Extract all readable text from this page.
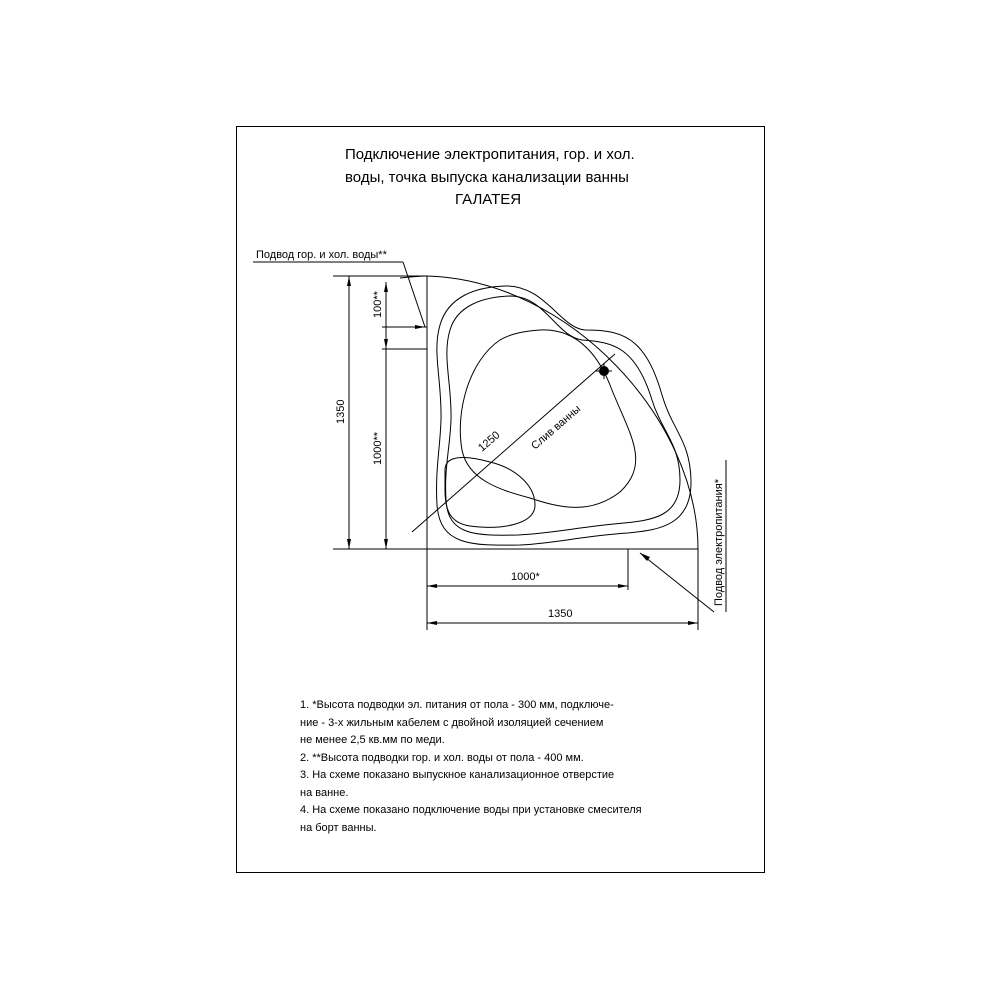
Подключение электропитания, гор. и хол.
воды, точка выпуска канализации ванны
ГАЛАТЕЯ
Подвод гор. и хол. воды**
1350
100**
1000**	1250 Слив ванны
1000*
1350
Подвод электропитания*
1. *Высота подводки эл. питания от пола - 300 мм, подключе-
ние - 3-х жильным кабелем с двойной изоляцией сечением
не менее 2,5 кв.мм по меди.
2. **Высота подводки гор. и хол. воды от пола - 400 мм.
3. На схеме показано выпускное канализационное отверстие
на ванне.
4. На схеме показано подключение воды при установке смесителя
на борт ванны.
